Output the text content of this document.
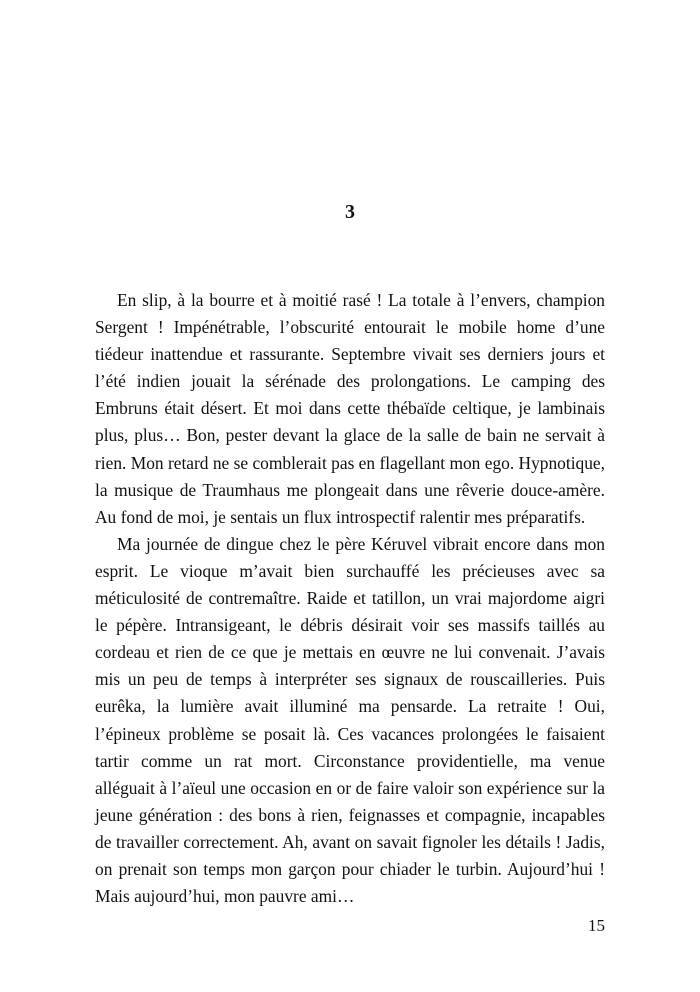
3

En slip, à la bourre et à moitié rasé ! La totale à l’envers, champion Sergent ! Impénétrable, l’obscurité entourait le mobile home d’une tiédeur inattendue et rassurante. Septembre vivait ses derniers jours et l’été indien jouait la sérénade des prolongations. Le camping des Embruns était désert. Et moi dans cette thébaïde celtique, je lambinais plus, plus… Bon, pester devant la glace de la salle de bain ne servait à rien. Mon retard ne se comblerait pas en flagellant mon ego. Hypnotique, la musique de Traumhaus me plongeait dans une rêverie douce-amère. Au fond de moi, je sentais un flux introspectif ralentir mes préparatifs.

Ma journée de dingue chez le père Kéruvel vibrait encore dans mon esprit. Le vioque m’avait bien surchauffé les précieuses avec sa méticulosité de contremaître. Raide et tatillon, un vrai majordome aigri le pépère. Intransigeant, le débris désirait voir ses massifs taillés au cordeau et rien de ce que je mettais en œuvre ne lui convenait. J’avais mis un peu de temps à interpréter ses signaux de rouscailleries. Puis eurêka, la lumière avait illuminé ma pensarde. La retraite ! Oui, l’épineux problème se posait là. Ces vacances prolongées le faisaient tartir comme un rat mort. Circonstance providentielle, ma venue alléguait à l’aïeul une occasion en or de faire valoir son expérience sur la jeune génération : des bons à rien, feignasses et compagnie, incapables de travailler correctement. Ah, avant on savait fignoler les détails ! Jadis, on prenait son temps mon garçon pour chiader le turbin. Aujourd’hui ! Mais aujourd’hui, mon pauvre ami…

15
